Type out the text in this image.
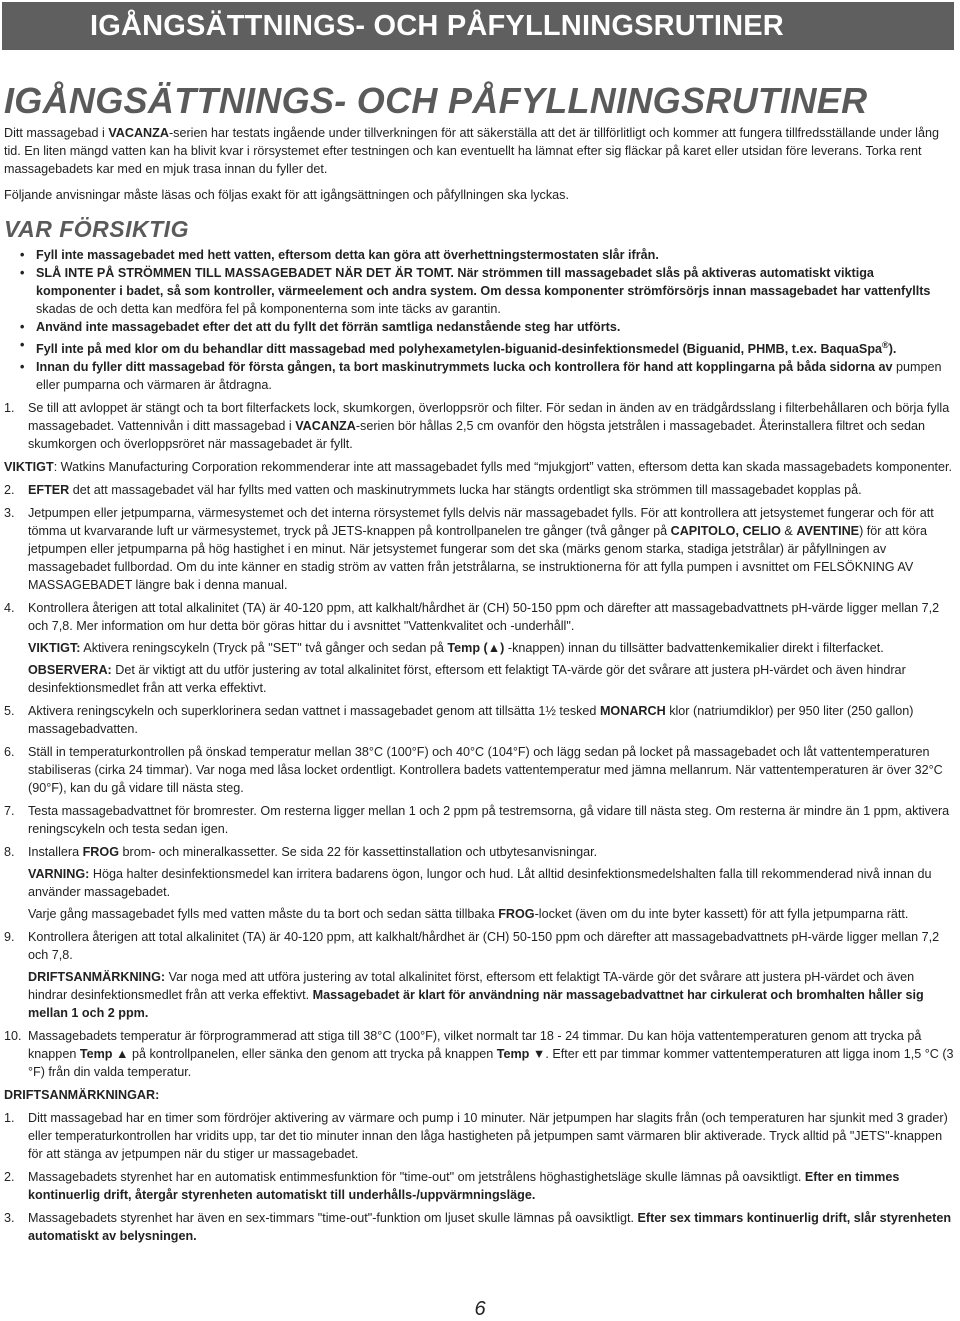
IGÅNGSÄTTNINGS- OCH PÅFYLLNINGSRUTINER
IGÅNGSÄTTNINGS- OCH PÅFYLLNINGSRUTINER

Ditt massagebad i VACANZA-serien har testats ingående under tillverkningen för att säkerställa att det är tillförlitligt och kommer att fungera tillfredsställande under lång tid. En liten mängd vatten kan ha blivit kvar i rörsystemet efter testningen och kan eventuellt ha lämnat efter sig fläckar på karet eller utsidan före leverans. Torka rent massagebadets kar med en mjuk trasa innan du fyller det.

Följande anvisningar måste läsas och följas exakt för att igångsättningen och påfyllningen ska lyckas.

VAR FÖRSIKTIG
• Fyll inte massagebadet med hett vatten, eftersom detta kan göra att överhettningstermostaten slår ifrån.
• SLÅ INTE PÅ STRÖMMEN TILL MASSAGEBADET NÄR DET ÄR TOMT. När strömmen till massagebadet slås på aktiveras automatiskt viktiga komponenter i badet, så som kontroller, värmeelement och andra system. Om dessa komponenter strömförsörjs innan massagebadet har vattenfyllts skadas de och detta kan medföra fel på komponenterna som inte täcks av garantin.
• Använd inte massagebadet efter det att du fyllt det förrän samtliga nedanstående steg har utförts.
• Fyll inte på med klor om du behandlar ditt massagebad med polyhexametylen-biguanid-desinfektionsmedel (Biguanid, PHMB, t.ex. BaquaSpa®).
• Innan du fyller ditt massagebad för första gången, ta bort maskinutrymmets lucka och kontrollera för hand att kopplingarna på båda sidorna av pumpen eller pumparna och värmaren är åtdragna.
1. Se till att avloppet är stängt och ta bort filterfackets lock, skumkorgen, överloppsrör och filter. För sedan in änden av en trädgårdsslang i filterbehållaren och börja fylla massagebadet. Vattennivån i ditt massagebad i VACANZA-serien bör hållas 2,5 cm ovanför den högsta jetstrålen i massagebadet. Återinstallera filtret och sedan skumkorgen och överloppsröret när massagebadet är fyllt.

VIKTIGT: Watkins Manufacturing Corporation rekommenderar inte att massagebadet fylls med “mjukgjort” vatten, eftersom detta kan skada massagebadets komponenter.

2. EFTER det att massagebadet väl har fyllts med vatten och maskinutrymmets lucka har stängts ordentligt ska strömmen till massagebadet kopplas på.
3. Jetpumpen eller jetpumparna, värmesystemet och det interna rörsystemet fylls delvis när massagebadet fylls. För att kontrollera att jetsystemet fungerar och för att tömma ut kvarvarande luft ur värmesystemet, tryck på JETS-knappen på kontrollpanelen tre gånger (två gånger på CAPITOLO, CELIO & AVENTINE) för att köra jetpumpen eller jetpumparna på hög hastighet i en minut. När jetsystemet fungerar som det ska (märks genom starka, stadiga jetstrålar) är påfyllningen av massagebadet fullbordad. Om du inte känner en stadig ström av vatten från jetstrålarna, se instruktionerna för att fylla pumpen i avsnittet om FELSÖKNING AV MASSAGEBADET längre bak i denna manual.
4. Kontrollera återigen att total alkalinitet (TA) är 40-120 ppm, att kalkhalt/hårdhet är (CH) 50-150 ppm och därefter att massagebadvattnets pH-värde ligger mellan 7,2 och 7,8. Mer information om hur detta bör göras hittar du i avsnittet "Vattenkvalitet och -underhåll".

VIKTIGT: Aktivera reningscykeln (Tryck på "SET" två gånger och sedan på Temp (▲) -knappen) innan du tillsätter badvattenkemikalier direkt i filterfacket.

OBSERVERA: Det är viktigt att du utför justering av total alkalinitet först, eftersom ett felaktigt TA-värde gör det svårare att justera pH-värdet och även hindrar desinfektionsmedlet från att verka effektivt.

5. Aktivera reningscykeln och superklorinera sedan vattnet i massagebadet genom att tillsätta 1½ tesked MONARCH klor (natriumdiklor) per 950 liter (250 gallon) massagebadvatten.
6. Ställ in temperaturkontrollen på önskad temperatur mellan 38°C (100°F) och 40°C (104°F) och lägg sedan på locket på massagebadet och låt vattentemperaturen stabiliseras (cirka 24 timmar). Var noga med låsa locket ordentligt. Kontrollera badets vattentemperatur med jämna mellanrum. När vattentemperaturen är över 32°C (90°F), kan du gå vidare till nästa steg.
7. Testa massagebadvattnet för bromrester. Om resterna ligger mellan 1 och 2 ppm på testremsorna, gå vidare till nästa steg. Om resterna är mindre än 1 ppm, aktivera reningscykeln och testa sedan igen.
8. Installera FROG brom- och mineralkassetter. Se sida 22 för kassettinstallation och utbytesanvisningar.

VARNING: Höga halter desinfektionsmedel kan irritera badarens ögon, lungor och hud. Låt alltid desinfektionsmedelshalten falla till rekommenderad nivå innan du använder massagebadet.

Varje gång massagebadet fylls med vatten måste du ta bort och sedan sätta tillbaka FROG-locket (även om du inte byter kassett) för att fylla jetpumparna rätt.

9. Kontrollera återigen att total alkalinitet (TA) är 40-120 ppm, att kalkhalt/hårdhet är (CH) 50-150 ppm och därefter att massagebadvattnets pH-värde ligger mellan 7,2 och 7,8.

DRIFTSANMÄRKNING: Var noga med att utföra justering av total alkalinitet först, eftersom ett felaktigt TA-värde gör det svårare att justera pH-värdet och även hindrar desinfektionsmedlet från att verka effektivt. Massagebadet är klart för användning när massagebadvattnet har cirkulerat och bromhalten håller sig mellan 1 och 2 ppm.

10. Massagebadets temperatur är förprogrammerad att stiga till 38°C (100°F), vilket normalt tar 18 - 24 timmar. Du kan höja vattentemperaturen genom att trycka på knappen Temp ▲ på kontrollpanelen, eller sänka den genom att trycka på knappen Temp ▼. Efter ett par timmar kommer vattentemperaturen att ligga inom 1,5 °C (3 °F) från din valda temperatur.
DRIFTSANMÄRKNINGAR:
1. Ditt massagebad har en timer som fördröjer aktivering av värmare och pump i 10 minuter. När jetpumpen har slagits från (och temperaturen har sjunkit med 3 grader) eller temperaturkontrollen har vridits upp, tar det tio minuter innan den låga hastigheten på jetpumpen samt värmaren blir aktiverade. Tryck alltid på "JETS"-knappen för att stänga av jetpumpen när du stiger ur massagebadet.
2. Massagebadets styrenhet har en automatisk entimmesfunktion för "time-out" om jetstrålens höghastighetsläge skulle lämnas på oavsiktligt. Efter en timmes kontinuerlig drift, återgår styrenheten automatiskt till underhålls-/uppvärmningsläge.
3. Massagebadets styrenhet har även en sex-timmars "time-out"-funktion om ljuset skulle lämnas på oavsiktligt. Efter sex timmars kontinuerlig drift, slår styrenheten automatiskt av belysningen.
6
